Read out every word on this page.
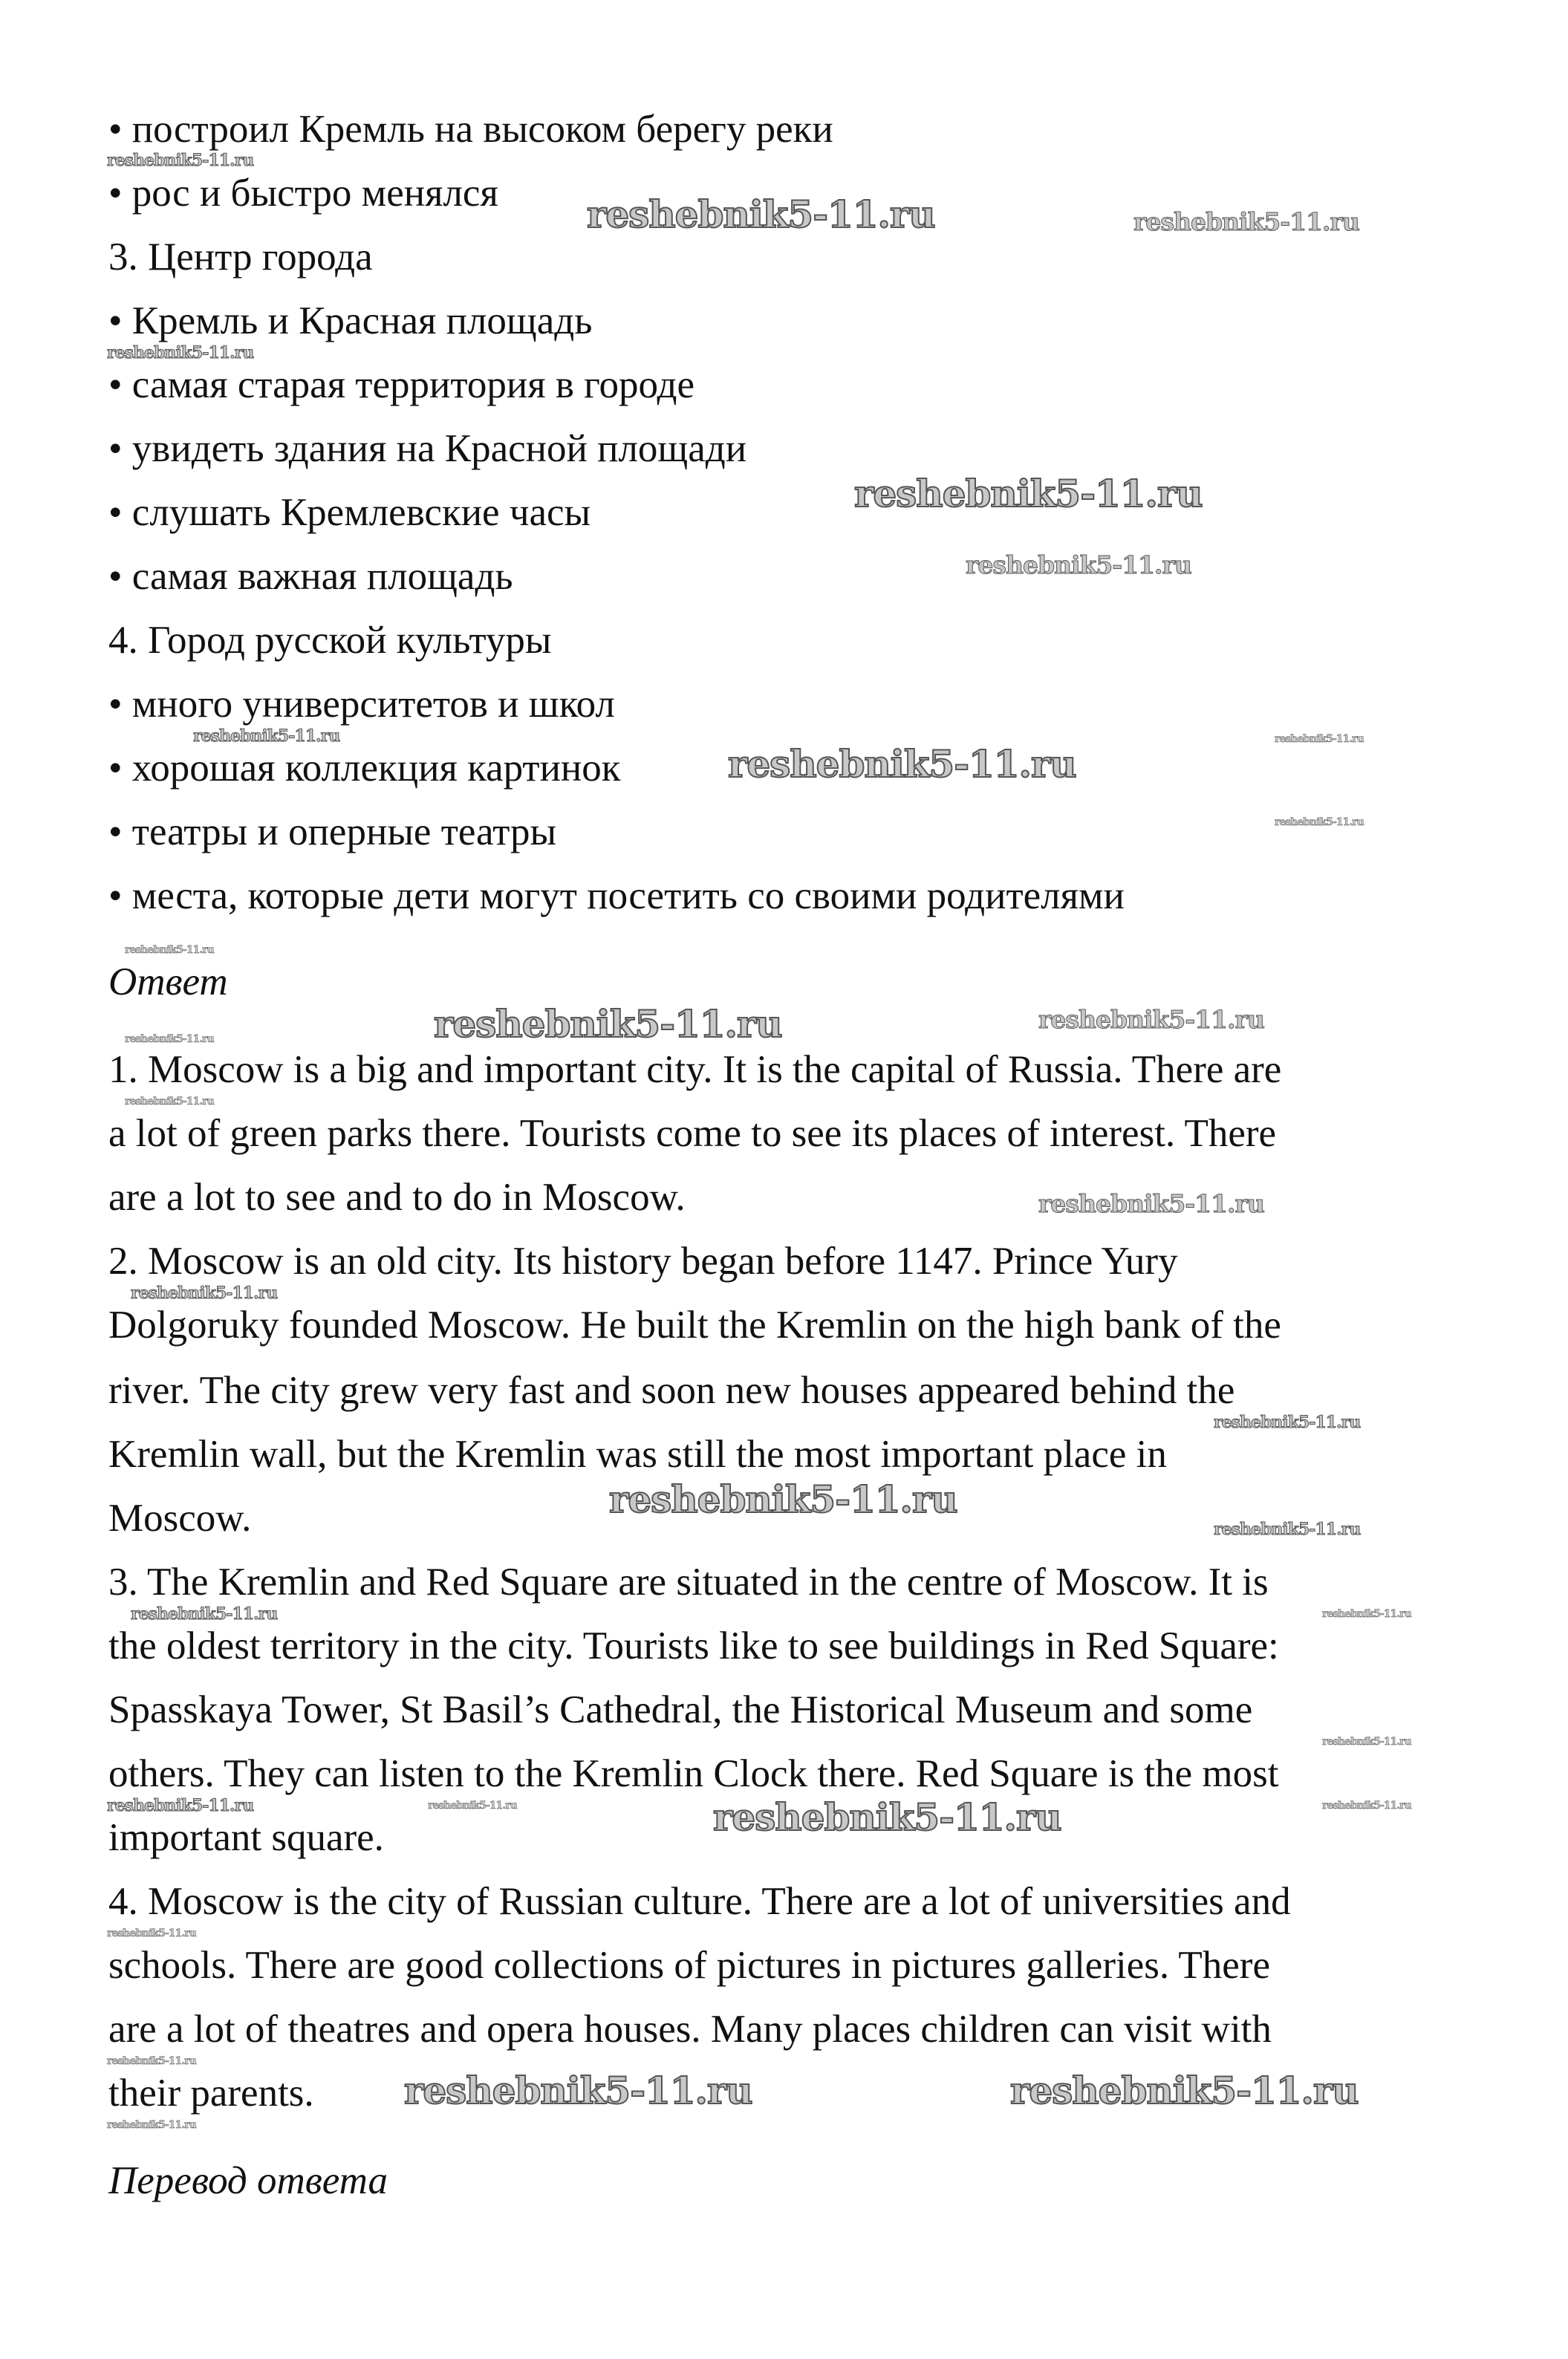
• построил Кремль на высоком берегу реки
• рос и быстро менялся
3. Центр города
• Кремль и Красная площадь
• самая старая территория в городе
• увидеть здания на Красной площади
• слушать Кремлевские часы
• самая важная площадь
4. Город русской культуры
• много университетов и школ
• хорошая коллекция картинок
• театры и оперные театры
• места, которые дети могут посетить со своими родителями
Ответ
1. Moscow is a big and important city. It is the capital of Russia. There are
a lot of green parks there. Tourists come to see its places of interest. There
are a lot to see and to do in Moscow.
2. Moscow is an old city. Its history began before 1147. Prince Yury
Dolgoruky founded Moscow. He built the Kremlin on the high bank of the
river. The city grew very fast and soon new houses appeared behind the
Kremlin wall, but the Kremlin was still the most important place in
Moscow.
3. The Kremlin and Red Square are situated in the centre of Moscow. It is
the oldest territory in the city. Tourists like to see buildings in Red Square:
Spasskaya Tower, St Basil’s Cathedral, the Historical Museum and some
others. They can listen to the Kremlin Clock there. Red Square is the most
important square.
4. Moscow is the city of Russian culture. There are a lot of universities and
schools. There are good collections of pictures in pictures galleries. There
are a lot of theatres and opera houses. Many places children can visit with
their parents.
Перевод ответа
reshebnik5-11.ru
reshebnik5-11.ru	reshebnik5-11.ru
reshebnik5-11.ru
reshebnik5-11.ru
reshebnik5-11.ru
reshebnik5-11.ru
reshebnik5-11.ru
reshebnik5-11.ru
reshebnik5-11.ru
reshebnik5-11.ru
reshebnik5-11.ru	reshebnik5-11.ru
reshebnik5-11.ru
reshebnik5-11.ru
reshebnik5-11.ru
reshebnik5-11.ru
reshebnik5-11.ru
reshebnik5-11.ru
reshebnik5-11.ru
reshebnik5-11.ru	reshebnik5-11.ru
reshebnik5-11.ru
reshebnik5-11.ru	reshebnik5-11.ru	reshebnik5-11.ru	reshebnik5-11.ru
reshebnik5-11.ru
reshebnik5-11.ru
reshebnik5-11.ru
reshebnik5-11.ru	reshebnik5-11.ru
